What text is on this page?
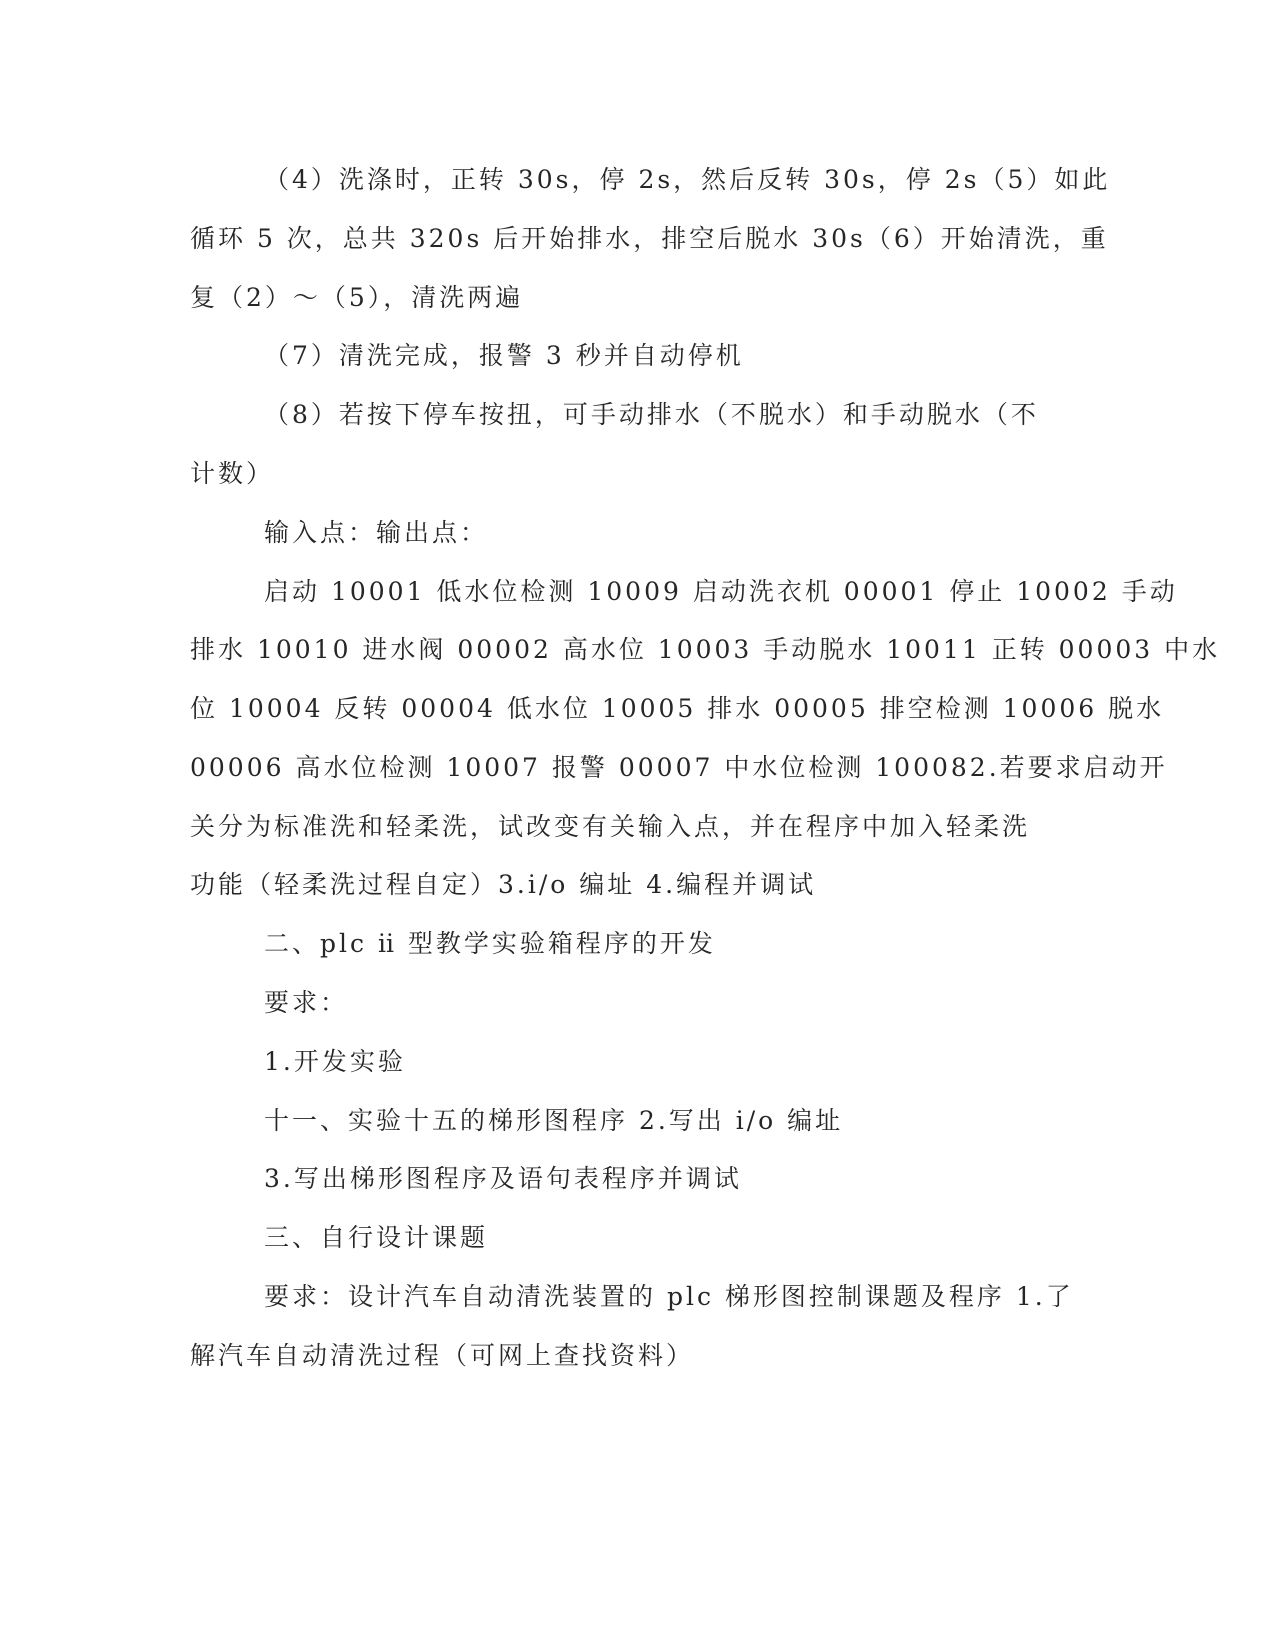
（4）洗涤时，正转 30s，停 2s，然后反转 30s，停 2s（5）如此
循环 5 次，总共 320s 后开始排水，排空后脱水 30s（6）开始清洗，重
复（2）～（5），清洗两遍
（7）清洗完成，报警 3 秒并自动停机
（8）若按下停车按扭，可手动排水（不脱水）和手动脱水（不
计数）
输入点：输出点：
启动 10001 低水位检测 10009 启动洗衣机 00001 停止 10002 手动
排水 10010 进水阀 00002 高水位 10003 手动脱水 10011 正转 00003 中水
位 10004 反转 00004 低水位 10005 排水 00005 排空检测 10006 脱水
00006 高水位检测 10007 报警 00007 中水位检测 100082.若要求启动开
关分为标准洗和轻柔洗，试改变有关输入点，并在程序中加入轻柔洗
功能（轻柔洗过程自定）3.i/o 编址 4.编程并调试
二、plc ⅱ 型教学实验箱程序的开发
要求：
1.开发实验
十一、实验十五的梯形图程序 2.写出 i/o 编址
3.写出梯形图程序及语句表程序并调试
三、自行设计课题
要求：设计汽车自动清洗装置的 plc 梯形图控制课题及程序 1.了
解汽车自动清洗过程（可网上查找资料）
